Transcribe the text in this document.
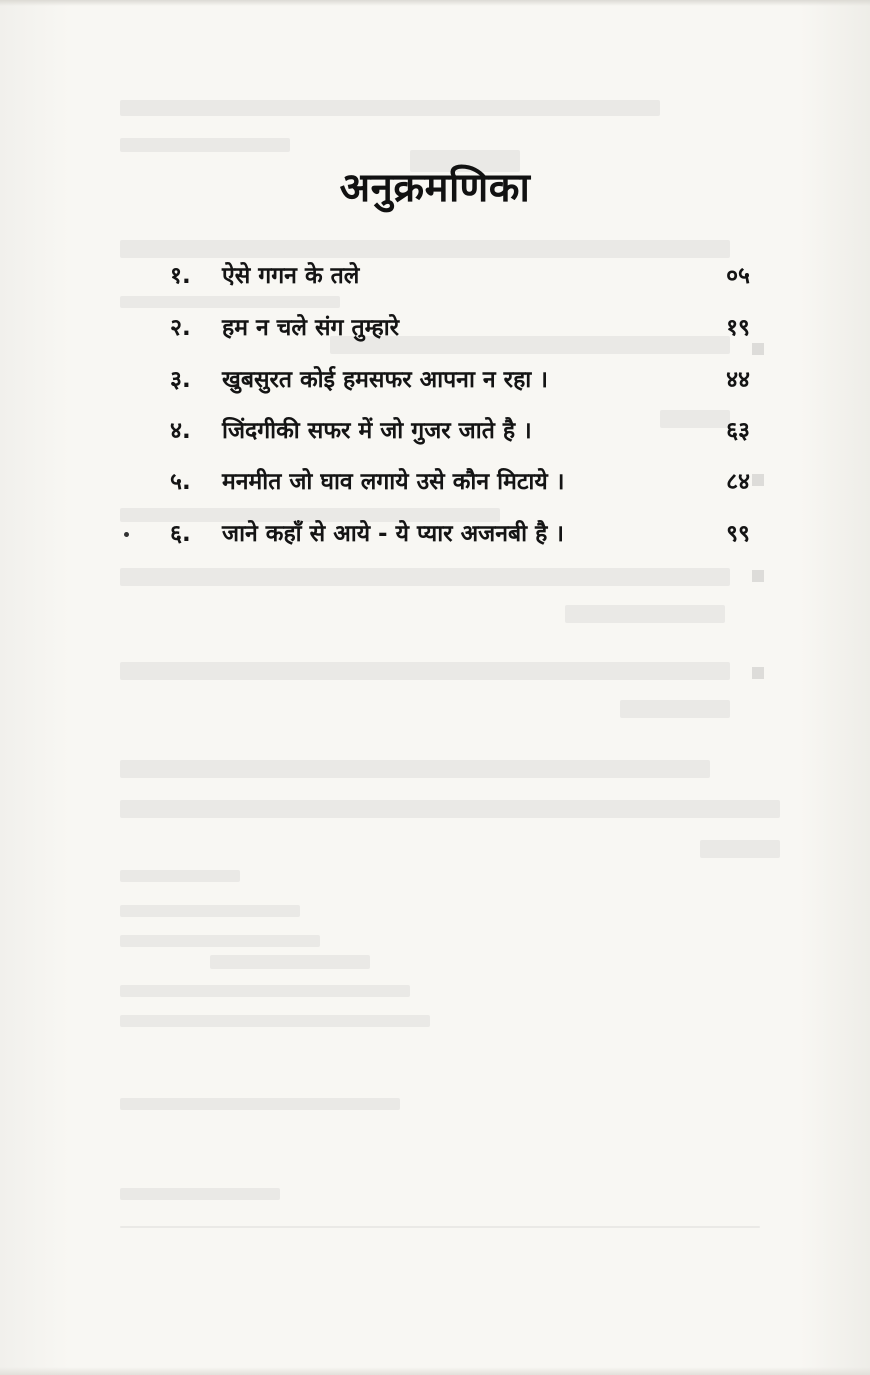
अनुक्रमणिका
१.	ऐसे गगन के तले	०५
२.	हम न चले संग तुम्हारे	१९
३.	खुबसुरत कोई हमसफर आपना न रहा ।	४४
४.	जिंदगीकी सफर में जो गुजर जाते है ।	६३
५.	मनमीत जो घाव लगाये उसे कौन मिटाये ।	८४
६.	जाने कहाँ से आये - ये प्यार अजनबी है ।	९९
